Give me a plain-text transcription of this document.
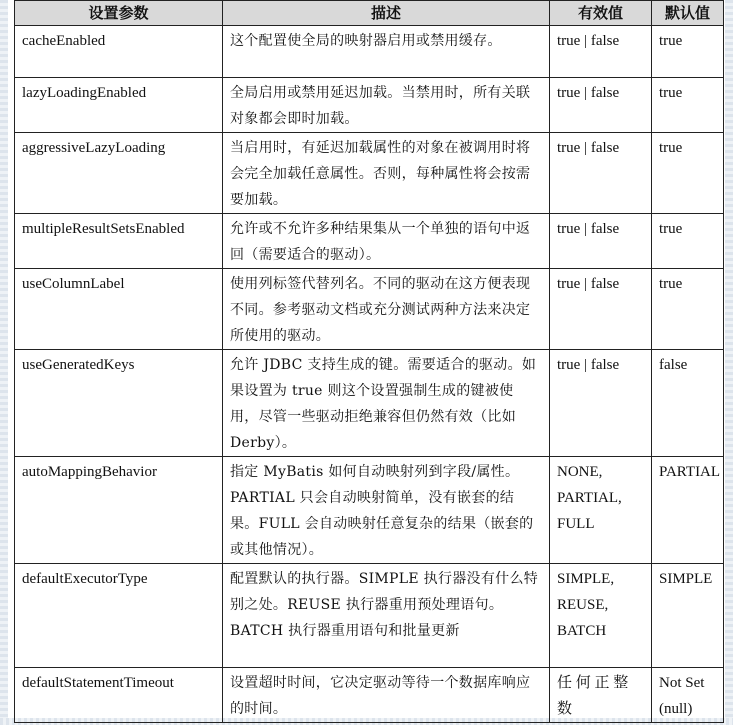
设置参数	描述	有效值	默认值
cacheEnabled	这个配置使全局的映射器启用或禁用缓存。	true | false	true
lazyLoadingEnabled	全局启用或禁用延迟加载。当禁用时，所有关联对象都会即时加载。	true | false	true
aggressiveLazyLoading	当启用时，有延迟加载属性的对象在被调用时将会完全加载任意属性。否则，每种属性将会按需要加载。	true | false	true
multipleResultSetsEnabled	允许或不允许多种结果集从一个单独的语句中返回（需要适合的驱动）。	true | false	true
useColumnLabel	使用列标签代替列名。不同的驱动在这方便表现不同。参考驱动文档或充分测试两种方法来决定所使用的驱动。	true | false	true
useGeneratedKeys	允许 JDBC 支持生成的键。需要适合的驱动。如果设置为 true 则这个设置强制生成的键被使用，尽管一些驱动拒绝兼容但仍然有效（比如 Derby）。	true | false	false
autoMappingBehavior	指定 MyBatis 如何自动映射列到字段/属性。PARTIAL 只会自动映射简单，没有嵌套的结果。FULL 会自动映射任意复杂的结果（嵌套的或其他情况）。	NONE, PARTIAL, FULL	PARTIAL
defaultExecutorType	配置默认的执行器。SIMPLE 执行器没有什么特别之处。REUSE 执行器重用预处理语句。BATCH 执行器重用语句和批量更新	SIMPLE, REUSE, BATCH	SIMPLE
defaultStatementTimeout	设置超时时间，它决定驱动等待一个数据库响应的时间。	任 何 正 整 数	Not Set (null)
